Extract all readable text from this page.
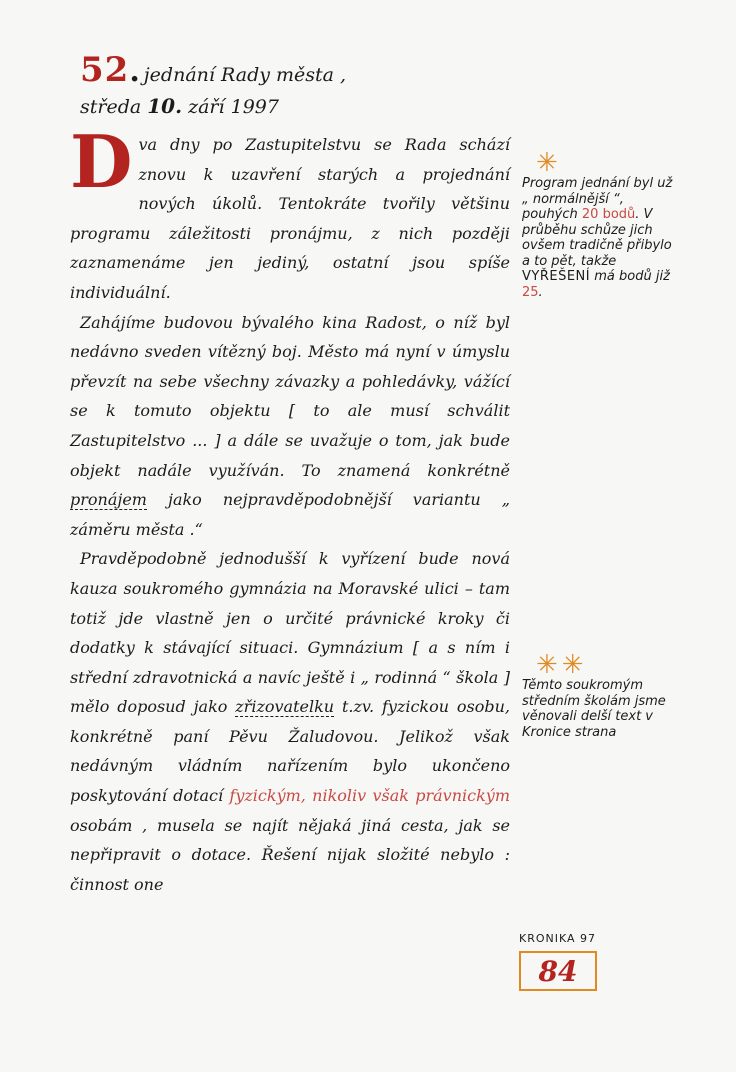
52 . jednání Rady města ,
středa 10. září 1997
D va dny po Zastupitelstvu se Rada schází znovu k uzavření starých a projednání nových úkolů. Tentokráte tvořily většinu programu záležitosti pronájmu, z nich později zaznamenáme jen jediný, ostatní jsou spíše individuální.

Zahájíme budovou bývalého kina Radost, o níž byl nedávno sveden vítězný boj. Město má nyní v úmyslu převzít na sebe všechny závazky a pohledávky, vážící se k tomuto objektu [ to ale musí schválit Zastupitelstvo ... ] a dále se uvažuje o tom, jak bude objekt nadále využíván. To znamená konkrétně pronájem jako nejpravděpodobnější variantu „ záměru města .“

Pravděpodobně jednodušší k vyřízení bude nová kauza soukromého gymnázia na Moravské ulici – tam totiž jde vlastně jen o určité právnické kroky či dodatky k stávající situaci. Gymnázium [ a s ním i střední zdravotnická a navíc ještě i „ rodinná “ škola ] mělo doposud jako zřizovatelku t.zv. fyzickou osobu, konkrétně paní Pěvu Žaludovou. Jelikož však nedávným vládním nařízením bylo ukončeno poskytování dotací fyzickým, nikoliv však právnickým osobám , musela se najít nějaká jiná cesta, jak se nepřipravit o dotace. Řešení nijak složité nebylo : činnost one

✳
Program jednání byl už „ normálnější “, pouhých 20 bodů. V průběhu schůze jich ovšem tradičně přibylo a to pět, takže VYŘEŠENÍ má bodů již 25.
✳✳
Těmto soukromým středním školám jsme věnovali delší text v Kronice strana
KRONIKA 97
84
